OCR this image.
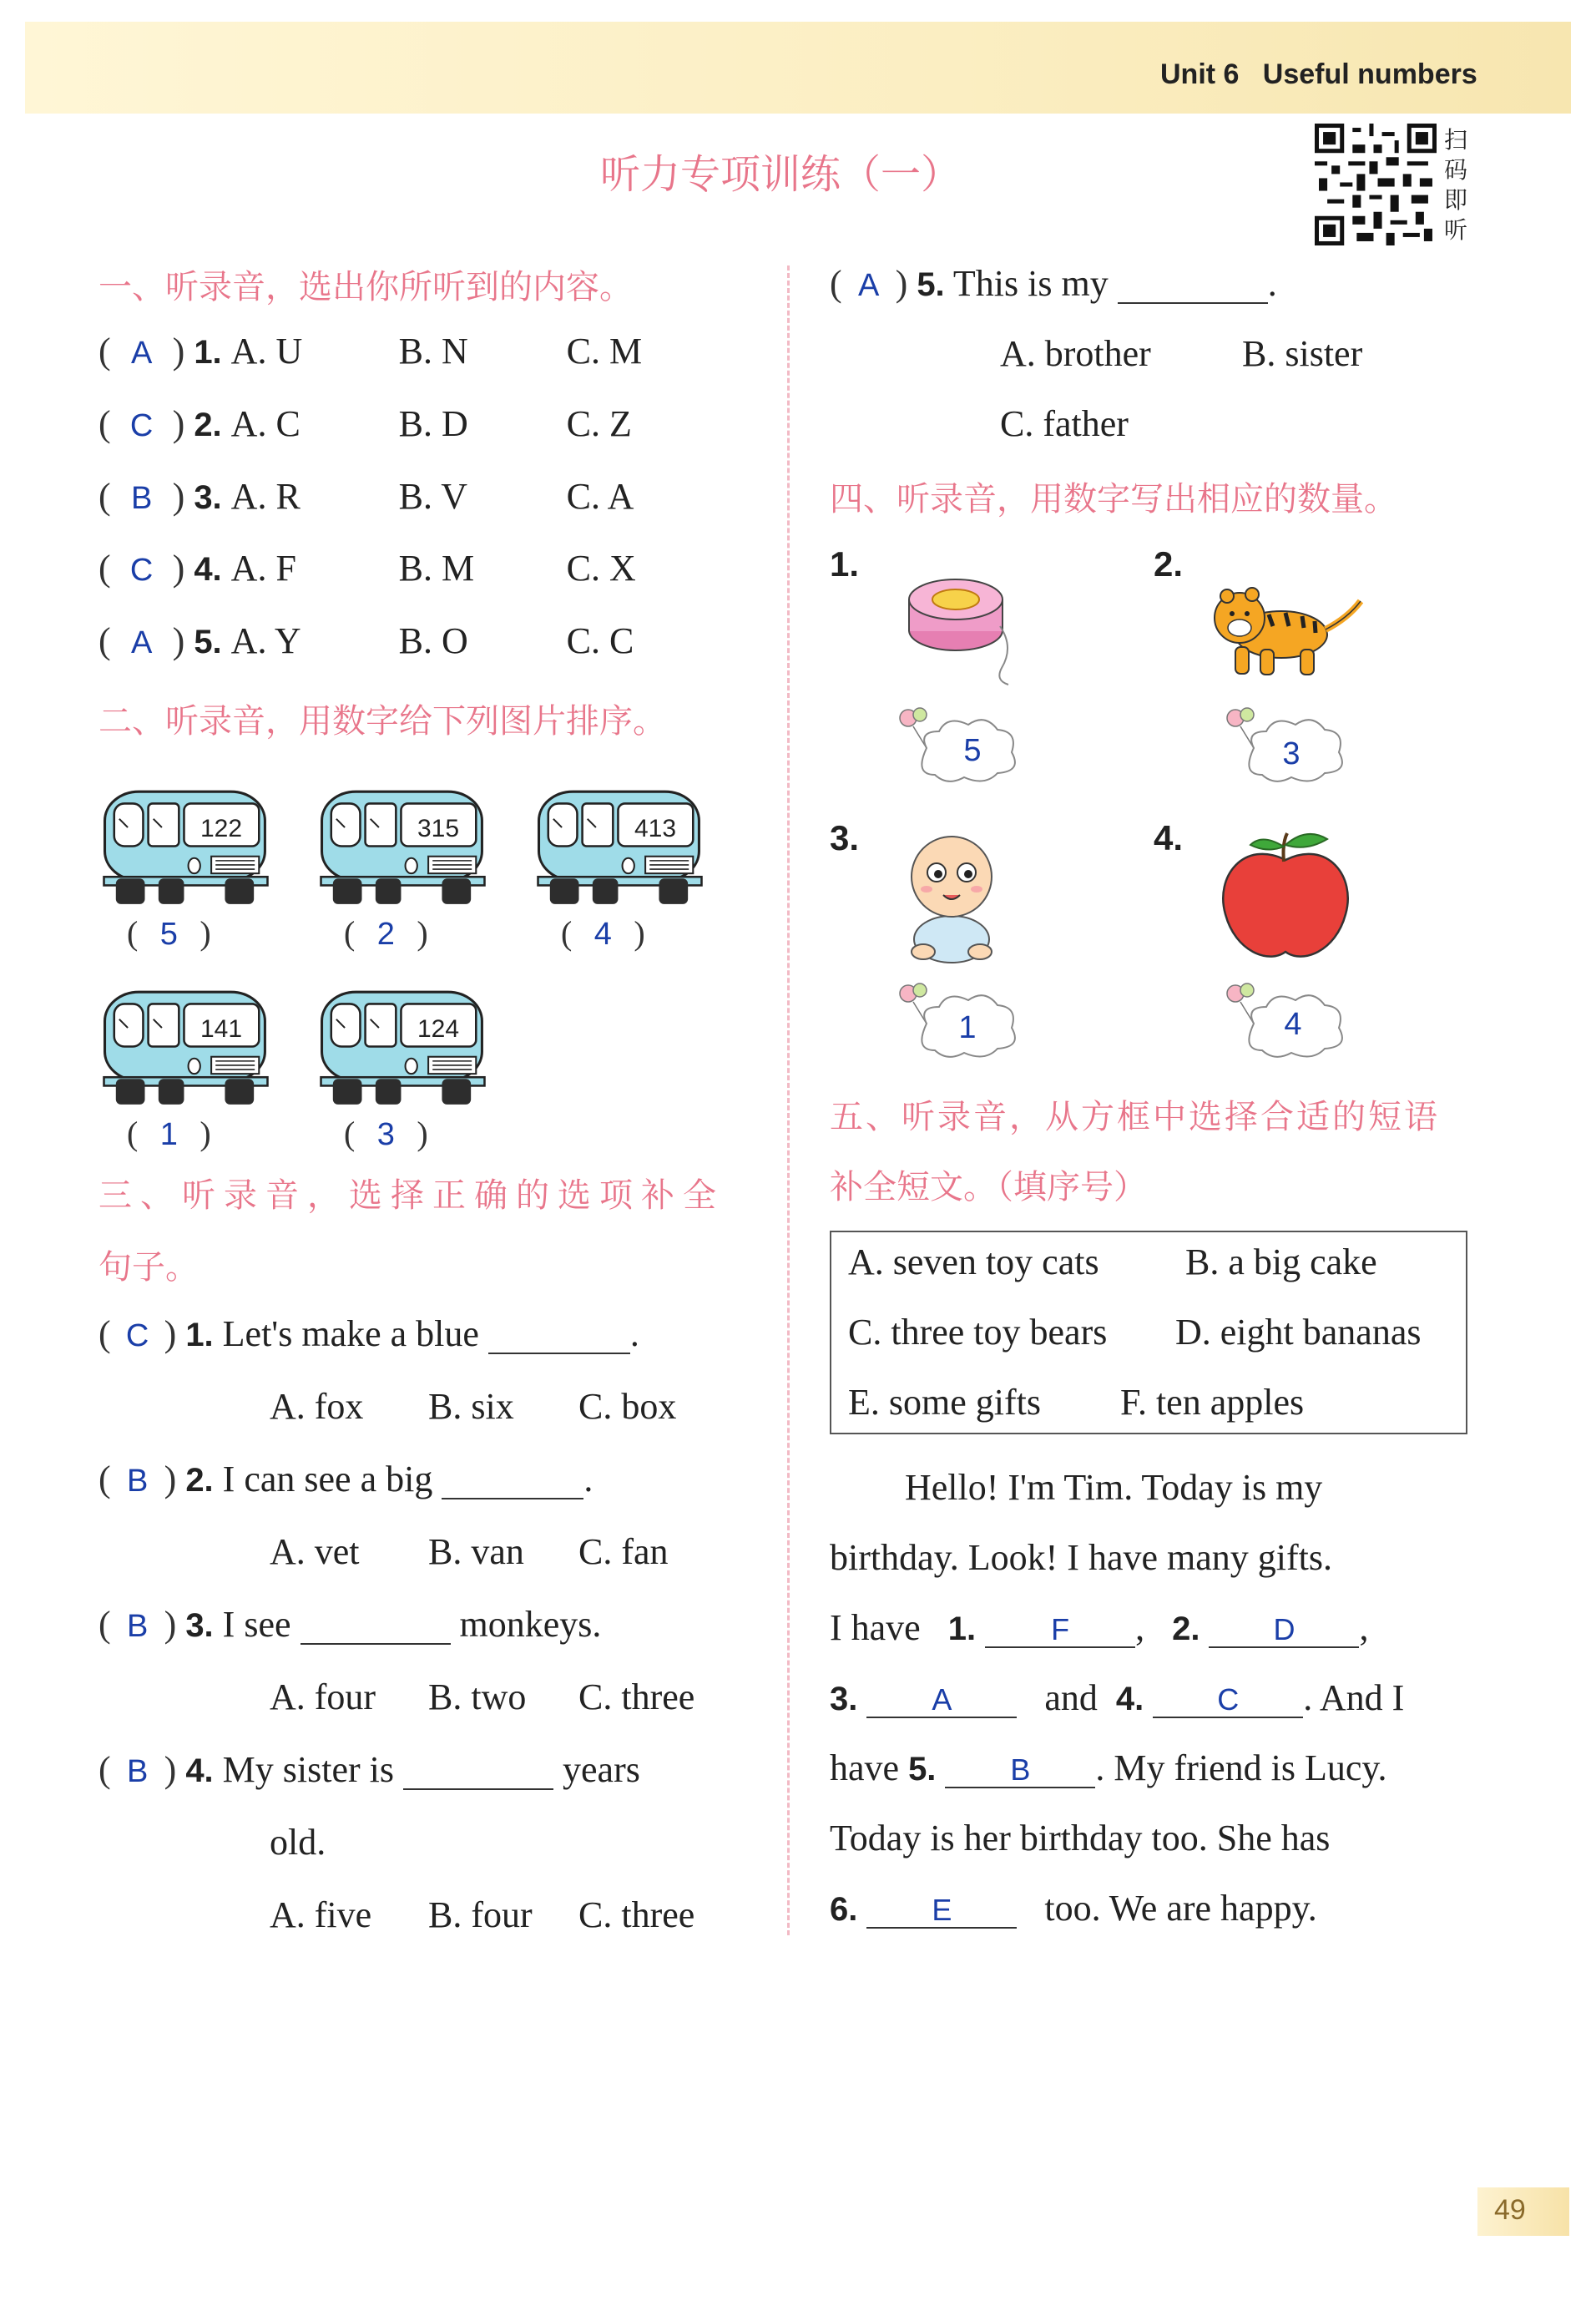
Unit 6 Useful numbers
听力专项训练（一）
扫
码
即
听
一、听录音，选出你所听到的内容。
( A ) 1. A. U	B. N	C. M
( C ) 2. A. C	B. D	C. Z
( B ) 3. A. R	B. V	C. A
( C ) 4. A. F	B. M	C. X
( A ) 5. A. Y	B. O	C. C
二、听录音，用数字给下列图片排序。
122
( 5 )
315
( 2 )
413
( 4 )
141
( 1 )
124
( 3 )
三、听录音，选择正确的选项补全
句子。
( C ) 1. Let's make a blue	.
A. fox B. six C. box
( B ) 2. I can see a big	.
A. vet B. van C. fan
( B ) 3. I see	monkeys.
A. four B. two C. three
( B ) 4. My sister is	years
old.
A. five B. four C. three
( A ) 5. This is my	.
A. brother B. sister
C. father
四、听录音，用数字写出相应的数量。
1.	2.
3.	4.
5	3
1	4
五、听录音，从方框中选择合适的短语
补全短文。（填序号）
A. seven toy cats B. a big cake
C. three toy bears D. eight bananas
E. some gifts F. ten apples
Hello! I'm Tim. Today is my
birthday. Look! I have many gifts.
I have 1.	F , 2. D ,
3. A	and 4. C . And I
have 5. B . My friend is Lucy.
Today is her birthday too. She has
6. E	too. We are happy.
49
